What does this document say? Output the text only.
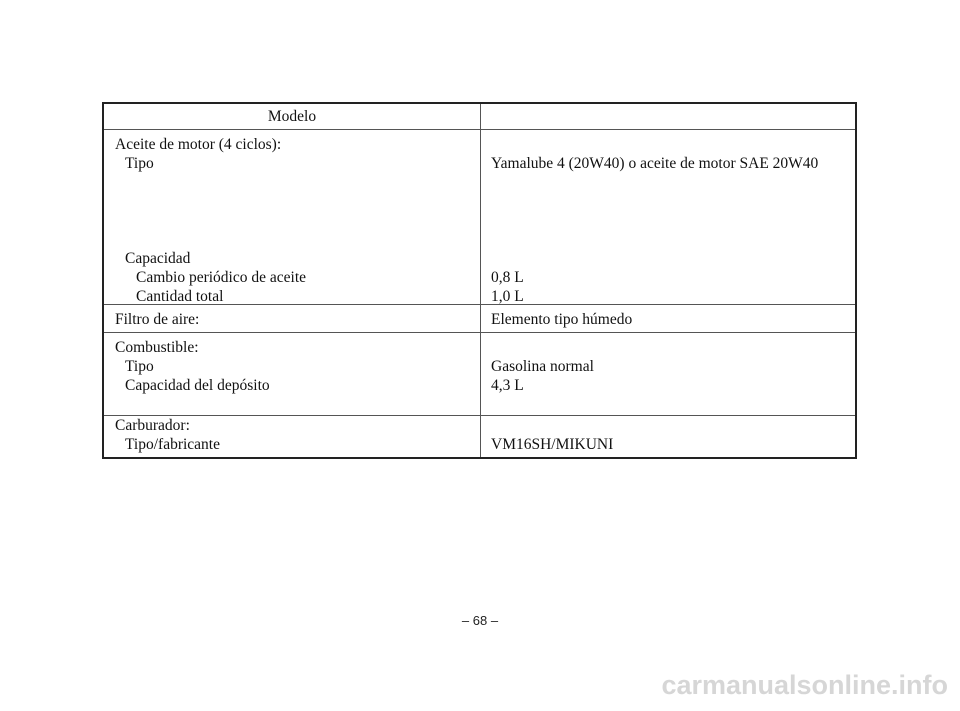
Modelo
Aceite de motor (4 ciclos):
Tipo
Capacidad
Cambio periódico de aceite
Cantidad total
Yamalube 4 (20W40) o aceite de motor SAE 20W40
0,8 L
1,0 L
Filtro de aire:	Elemento tipo húmedo
Combustible:
Tipo
Capacidad del depósito
Gasolina normal
4,3 L
Carburador:
Tipo/fabricante	VM16SH/MIKUNI
– 68 –
carmanualsonline.info
